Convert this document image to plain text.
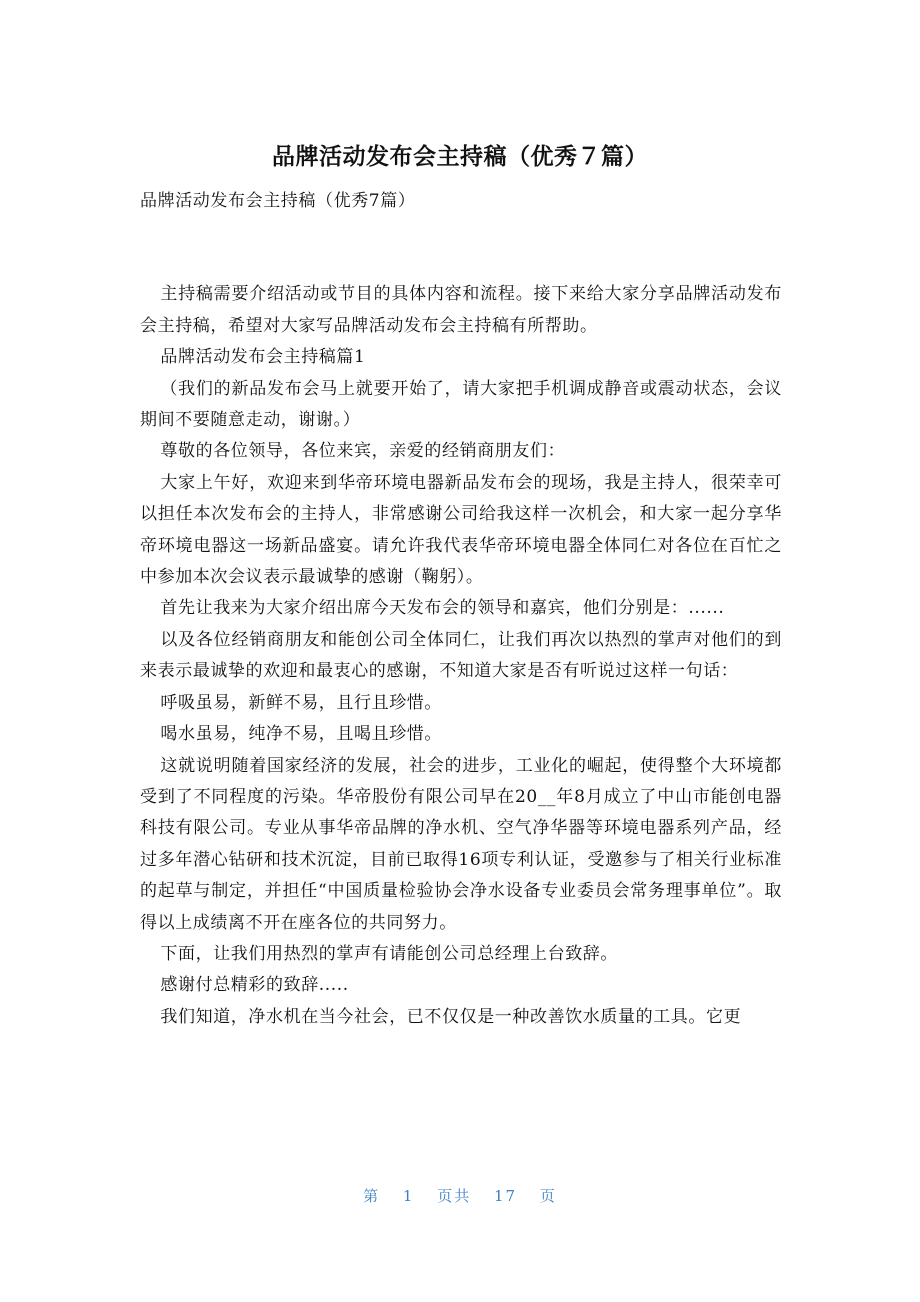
品牌活动发布会主持稿（优秀７篇）

品牌活动发布会主持稿（优秀7篇）

主持稿需要介绍活动或节目的具体内容和流程。接下来给大家分享品牌活动发布会主持稿，希望对大家写品牌活动发布会主持稿有所帮助。

品牌活动发布会主持稿篇1

（我们的新品发布会马上就要开始了，请大家把手机调成静音或震动状态，会议期间不要随意走动，谢谢。）

尊敬的各位领导，各位来宾，亲爱的经销商朋友们：

大家上午好，欢迎来到华帝环境电器新品发布会的现场，我是主持人，很荣幸可以担任本次发布会的主持人，非常感谢公司给我这样一次机会，和大家一起分享华帝环境电器这一场新品盛宴。请允许我代表华帝环境电器全体同仁对各位在百忙之中参加本次会议表示最诚挚的感谢（鞠躬）。

首先让我来为大家介绍出席今天发布会的领导和嘉宾，他们分别是：......

以及各位经销商朋友和能创公司全体同仁，让我们再次以热烈的掌声对他们的到来表示最诚挚的欢迎和最衷心的感谢，不知道大家是否有听说过这样一句话：

呼吸虽易，新鲜不易，且行且珍惜。

喝水虽易，纯净不易，且喝且珍惜。

这就说明随着国家经济的发展，社会的进步，工业化的崛起，使得整个大环境都受到了不同程度的污染。华帝股份有限公司早在20__年8月成立了中山市能创电器科技有限公司。专业从事华帝品牌的净水机、空气净华器等环境电器系列产品，经过多年潜心钻研和技术沉淀，目前已取得16项专利认证，受邀参与了相关行业标准的起草与制定，并担任“中国质量检验协会净水设备专业委员会常务理事单位”。取得以上成绩离不开在座各位的共同努力。

下面，让我们用热烈的掌声有请能创公司总经理上台致辞。

感谢付总精彩的致辞.....

我们知道，净水机在当今社会，已不仅仅是一种改善饮水质量的工具。它更

第 1 页共 17 页
